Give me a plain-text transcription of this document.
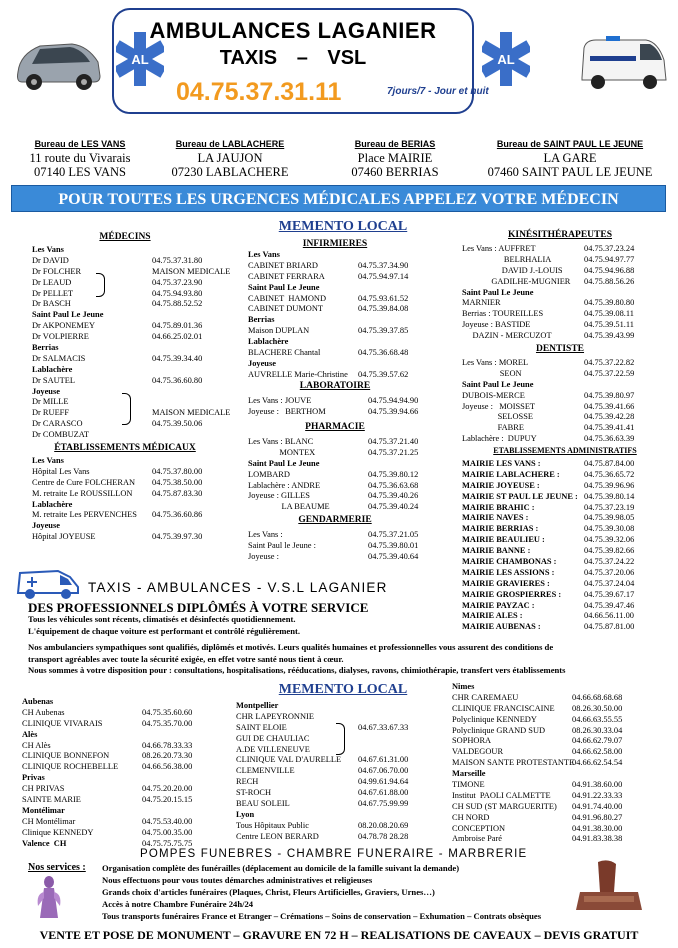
AL	AL
AMBULANCES LAGANIER
TAXIS – VSL
04.75.37.31.11	7jours/7 - Jour et nuit
Bureau de LES VANS
11 route du Vivarais
07140 LES VANS
Bureau de LABLACHERE
LA JAUJON
07230 LABLACHERE
Bureau de BERIAS
Place MAIRIE
07460 BERRIAS
Bureau de SAINT PAUL LE JEUNE
LA GARE
07460 SAINT PAUL LE JEUNE
POUR TOUTES LES URGENCES MÉDICALES APPELEZ VOTRE MÉDECIN
MEMENTO LOCAL
MÉDECINS
Les Vans
Dr DAVID	04.75.37.31.80
Dr FOLCHER	MAISON MEDICALE
Dr LEAUD	04.75.37.23.90
Dr PELLET	04.75.94.93.80
Dr BASCH	04.75.88.52.52
Saint Paul Le Jeune
Dr AKPONEMEY	04.75.89.01.36
Dr VOLPIERRE	04.66.25.02.01
Berrias
Dr SALMACIS	04.75.39.34.40
Lablachère
Dr SAUTEL	04.75.36.60.80
Joyeuse
Dr MILLE
Dr RUEFF	MAISON MEDICALE
Dr CARASCO	04.75.39.50.06
Dr COMBUZAT
ÉTABLISSEMENTS MÉDICAUX
Les Vans
Hôpital Les Vans	04.75.37.80.00
Centre de Cure FOLCHERAN 04.75.38.50.00
M. retraite Le ROUSSILLON 04.75.87.83.30
Lablachère
M. retraite Les PERVENCHES 04.75.36.60.86
Joyeuse
Hôpital JOYEUSE	04.75.39.97.30
INFIRMIERES
Les Vans
CABINET BRIARD	04.75.37.34.90
CABINET FERRARA	04.75.94.97.14
Saint Paul Le Jeune
CABINET  HAMOND	04.75.93.61.52
CABINET DUMONT	04.75.39.84.08
Berrias
Maison DUPLAN	04.75.39.37.85
Lablachère
BLACHERE Chantal	04.75.36.68.48
Joyeuse
AUVRELLE Marie-Christine 04.75.39.57.62
LABORATOIRE
Les Vans : JOUVE	04.75.94.94.90
Joyeuse :   BERTHOM	04.75.39.94.66
PHARMACIE
Les Vans : BLANC	04.75.37.21.40
MONTEX	04.75.37.21.25
Saint Paul Le Jeune
LOMBARD	04.75.39.80.12
Lablachère : ANDRE	04.75.36.63.68
Joyeuse : GILLES	04.75.39.40.26
LA BEAUME	04.75.39.40.24
GENDARMERIE
Les Vans :	04.75.37.21.05
Saint Paul le Jeune :	04.75.39.80.01
Joyeuse :	04.75.39.40.64
KINÉSITHÉRAPEUTES
Les Vans : AUFFRET	04.75.37.23.24
BELRHALIA	04.75.94.97.77
DAVID J.-LOUIS	04.75.94.96.88
GADILHE-MUGNIER 04.75.88.56.26
Saint Paul Le Jeune
MARNIER	04.75.39.80.80
Berrias : TOUREILLES	04.75.39.08.11
Joyeuse : BASTIDE	04.75.39.51.11
DAZIN - MERCUZOT	04.75.39.43.99
DENTISTE
Les Vans : MOREL	04.75.37.22.82
SEON	04.75.37.22.59
Saint Paul Le Jeune
DUBOIS-MERCE	04.75.39.80.97
Joyeuse :   MOISSET	04.75.39.41.66
SELOSSE	04.75.39.42.28
FABRE	04.75.39.41.41
Lablachère :  DUPUY	04.75.36.63.39
ETABLISSEMENTS ADMINISTRATIFS
MAIRIE LES VANS :	04.75.87.84.00
MAIRIE LABLACHERE :	04.75.36.65.72
MAIRIE JOYEUSE :	04.75.39.96.96
MAIRIE ST PAUL LE JEUNE : 04.75.39.80.14
MAIRIE BRAHIC :	04.75.37.23.19
MAIRIE NAVES :	04.75.39.98.05
MAIRIE BERRIAS :	04.75.39.30.08
MAIRIE BEAULIEU :	04.75.39.32.06
MAIRIE BANNE :	04.75.39.82.66
MAIRIE CHAMBONAS :	04.75.37.24.22
MAIRIE LES ASSIONS :	04.75.37.20.06
MAIRIE GRAVIERES :	04.75.37.24.04
MAIRIE GROSPIERRES :	04.75.39.67.17
MAIRIE PAYZAC :	04.75.39.47.46
MAIRIE ALES :	04.66.56.11.00
MAIRIE AUBENAS :	04.75.87.81.00
TAXIS - AMBULANCES - V.S.L LAGANIER
DES PROFESSIONNELS DIPLÔMÉS À VOTRE SERVICE
Tous les véhicules sont récents, climatisés et désinfectés quotidiennement.
L'équipement de chaque voiture est performant et contrôlé régulièrement.
Nos ambulanciers sympathiques sont qualifiés, diplômés et motivés. Leurs qualités humaines et professionnelles vous assurent des conditions de
transport agréables avec toute la sécurité exigée, en effet votre santé nous tient à cœur.
Nous sommes à votre disposition pour : consultations, hospitalisations, rééducations, dialyses, ravons, chimiothérapie, transfert vers établissements
MEMENTO LOCAL
Aubenas
CH Aubenas	04.75.35.60.60
CLINIQUE VIVARAIS	04.75.35.70.00
Alès
CH Alès	04.66.78.33.33
CLINIQUE BONNEFON	08.26.20.73.30
CLINIQUE ROCHEBELLE	04.66.56.38.00
Privas
CH PRIVAS	04.75.20.20.00
SAINTE MARIE	04.75.20.15.15
Montélimar
CH Montélimar	04.75.53.40.00
Clinique KENNEDY	04.75.00.35.00
Valence  CH	04.75.75.75.75
Montpellier
CHR LAPEYRONNIE
SAINT ELOIE	04.67.33.67.33
GUI DE CHAULIAC
A.DE VILLENEUVE
CLINIQUE VAL D'AURELLE 04.67.61.31.00
CLEMENVILLE	04.67.06.70.00
RECH	04.99.61.94.64
ST-ROCH	04.67.61.88.00
BEAU SOLEIL	04.67.75.99.99
Lyon
Tous Hôpitaux Public	08.20.08.20.69
Centre LEON BERARD	04.78.78 28.28
Nimes
CHR CAREMAEU	04.66.68.68.68
CLINIQUE FRANCISCAINE 08.26.30.50.00
Polyclinique KENNEDY	04.66.63.55.55
Polyclinique GRAND SUD	08.26.30.33.04
SOPHORA	04.66.62.79.07
VALDEGOUR	04.66.62.58.00
MAISON SANTE PROTESTANTE
04.66.62.54.54
Marseille
TIMONE	04.91.38.60.00
Institut  PAOLI CALMETTE	04.91.22.33.33
CH SUD (ST MARGUERITE) 04.91.74.40.00
CH NORD	04.91.96.80.27
CONCEPTION	04.91.38.30.00
Ambroise Paré	04.91.83.38.38
POMPES FUNEBRES - CHAMBRE FUNERAIRE - MARBRERIE
Nos services : Organisation complète des funérailles (déplacement au domicile de la famille suivant la demande)
Nous effectuons pour vous toutes démarches administratives et religieuses
Grands choix d'articles funéraires (Plaques, Christ, Fleurs Artificielles, Graviers, Urnes…)
Accès à notre Chambre Funéraire 24h/24
Tous transports funéraires France et Etranger – Crémations – Soins de conservation – Exhumation – Contrats obsèques
VENTE ET POSE DE MONUMENT – GRAVURE EN 72 H – REALISATIONS DE CAVEAUX – DEVIS GRATUIT
